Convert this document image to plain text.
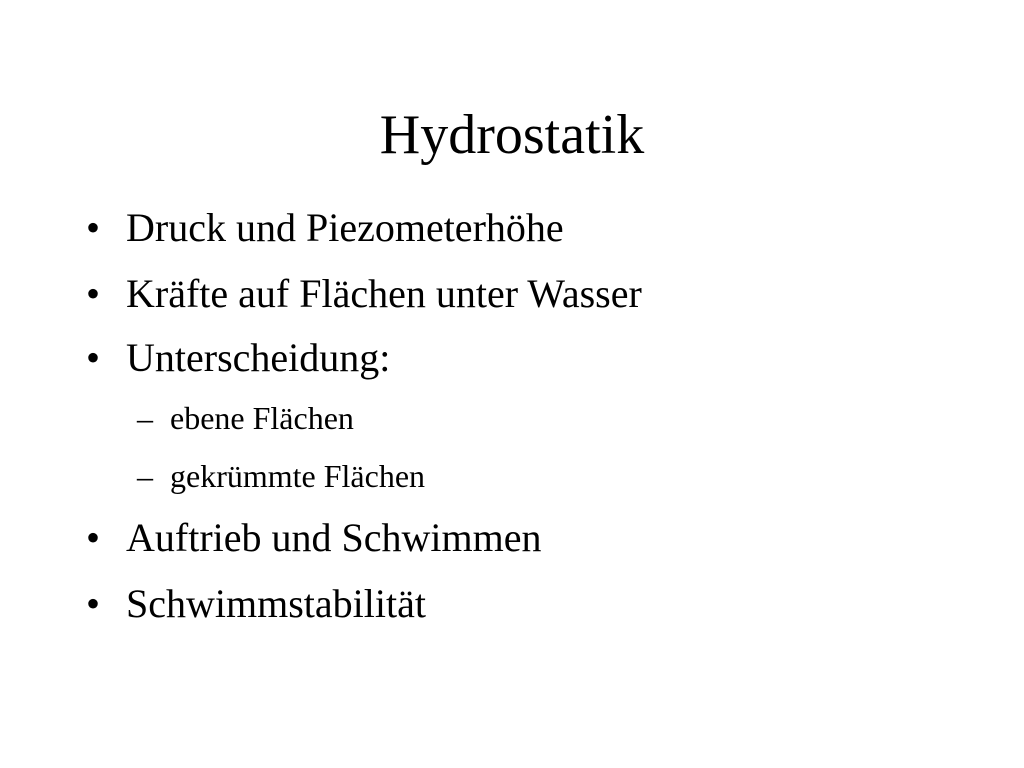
Hydrostatik
• Druck und Piezometerhöhe
• Kräfte auf Flächen unter Wasser
• Unterscheidung:
– ebene Flächen
– gekrümmte Flächen
• Auftrieb und Schwimmen
• Schwimmstabilität
